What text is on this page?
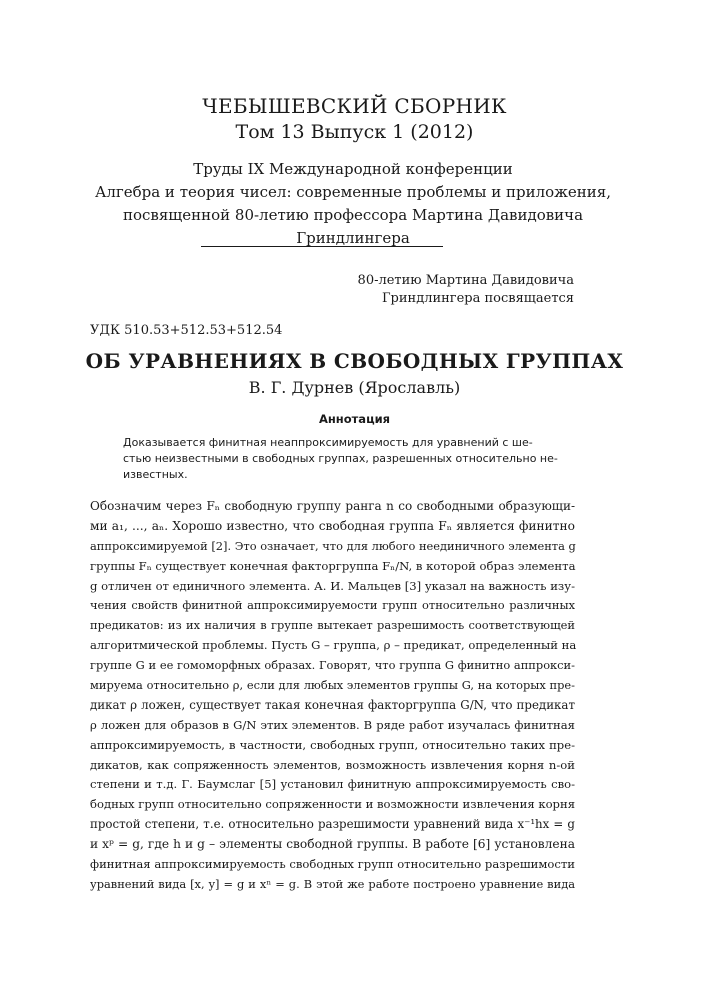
ЧЕБЫШЕВСКИЙ СБОРНИК
Том 13 Выпуск 1 (2012)
Труды IX Международной конференции
Алгебра и теория чисел: современные проблемы и приложения,
посвященной 80-летию профессора Мартина Давидовича
Гриндлингера
80-летию Мартина Давидовича
Гриндлингера посвящается
УДК 510.53+512.53+512.54
ОБ УРАВНЕНИЯХ В СВОБОДНЫХ ГРУППАХ
В. Г. Дурнев (Ярославль)
Аннотация
Доказывается финитная неаппроксимируемость для уравнений с ше-
стью неизвестными в свободных группах, разрешенных относительно не-
известных.
Обозначим через Fₙ свободную группу ранга n со свободными образующи-
ми a₁, ..., aₙ. Хорошо известно, что свободная группа Fₙ является финитно
аппроксимируемой [2]. Это означает, что для любого неединичного элемента g
группы Fₙ существует конечная факторгруппа Fₙ/N, в которой образ элемента
g отличен от единичного элемента. А. И. Мальцев [3] указал на важность изу-
чения свойств финитной аппроксимируемости групп относительно различных
предикатов: из их наличия в группе вытекает разрешимость соответствующей
алгоритмической проблемы. Пусть G – группа, ρ – предикат, определенный на
группе G и ее гомоморфных образах. Говорят, что группа G финитно аппрокси-
мируема относительно ρ, если для любых элементов группы G, на которых пре-
дикат ρ ложен, существует такая конечная факторгруппа G/N, что предикат
ρ ложен для образов в G/N этих элементов. В ряде работ изучалась финитная
аппроксимируемость, в частности, свободных групп, относительно таких пре-
дикатов, как сопряженность элементов, возможность извлечения корня n-ой
степени и т.д. Г. Баумслаг [5] установил финитную аппроксимируемость сво-
бодных групп относительно сопряженности и возможности извлечения корня
простой степени, т.е. относительно разрешимости уравнений вида x⁻¹hx = g
и xᵖ = g, где h и g – элементы свободной группы. В работе [6] установлена
финитная аппроксимируемость свободных групп относительно разрешимости
уравнений вида [x, y] = g и xⁿ = g. В этой же работе построено уравнение вида
